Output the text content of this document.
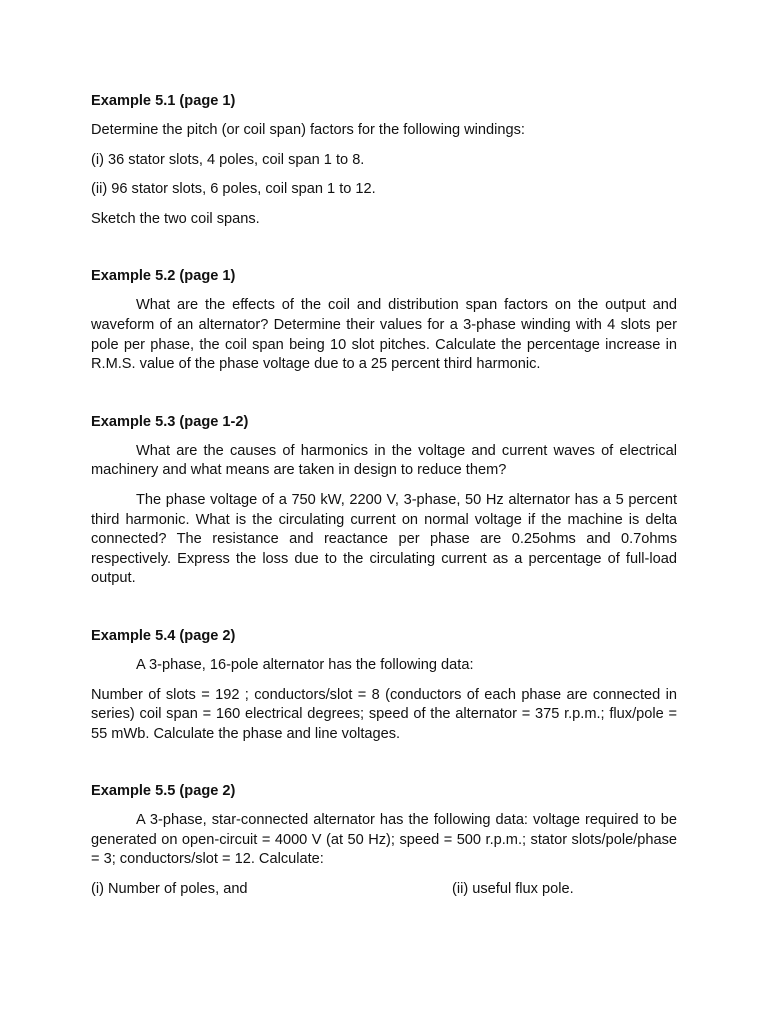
Example 5.1 (page 1)

Determine the pitch (or coil span) factors for the following windings:

(i) 36 stator slots, 4 poles, coil span 1 to 8.

(ii) 96 stator slots, 6 poles, coil span 1 to 12.

Sketch the two coil spans.

Example 5.2 (page 1)

What are the effects of the coil and distribution span factors on the output and waveform of an alternator? Determine their values for a 3-phase winding with 4 slots per pole per phase, the coil span being 10 slot pitches. Calculate the percentage increase in R.M.S. value of the phase voltage due to a 25 percent third harmonic.

Example 5.3 (page 1-2)

What are the causes of harmonics in the voltage and current waves of electrical machinery and what means are taken in design to reduce them?

The phase voltage of a 750 kW, 2200 V, 3-phase, 50 Hz alternator has a 5 percent third harmonic. What is the circulating current on normal voltage if the machine is delta connected? The resistance and reactance per phase are 0.25ohms and 0.7ohms respectively. Express the loss due to the circulating current as a percentage of full-load output.

Example 5.4 (page 2)

A 3-phase, 16-pole alternator has the following data:

Number of slots = 192 ; conductors/slot = 8 (conductors of each phase are connected in series) coil span = 160 electrical degrees; speed of the alternator = 375 r.p.m.; flux/pole = 55 mWb. Calculate the phase and line voltages.

Example 5.5 (page 2)

A 3-phase, star-connected alternator has the following data: voltage required to be generated on open-circuit = 4000 V (at 50 Hz); speed = 500 r.p.m.; stator slots/pole/phase = 3; conductors/slot = 12. Calculate:

(i) Number of poles, and	(ii) useful flux pole.
